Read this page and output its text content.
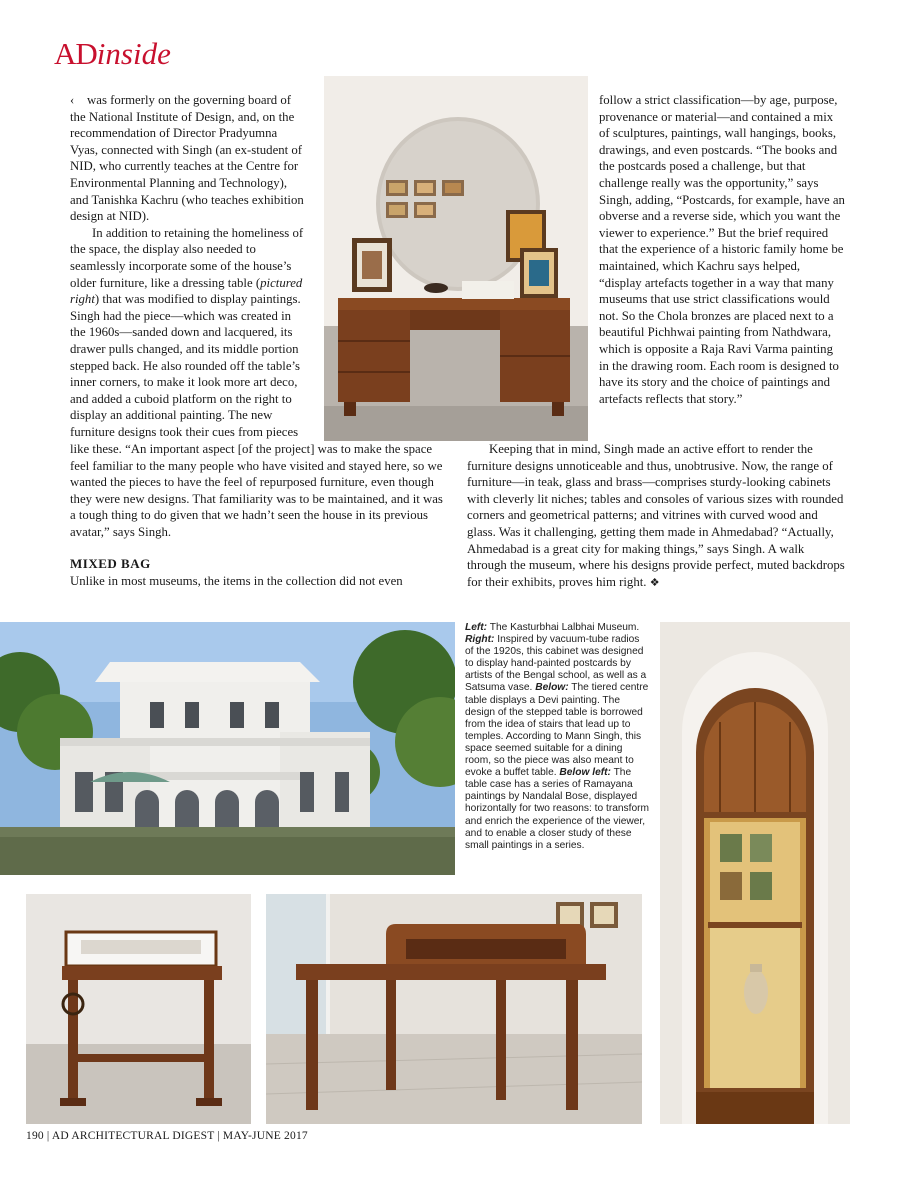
ADinside

‹ was formerly on the governing board of the National Institute of Design, and, on the recommendation of Director Pradyumna Vyas, connected with Singh (an ex-student of NID, who currently teaches at the Centre for Environmental Planning and Technology), and Tanishka Kachru (who teaches exhibition design at NID).

In addition to retaining the homeliness of the space, the display also needed to seamlessly incorporate some of the house’s older furniture, like a dressing table (pictured right) that was modified to display paintings. Singh had the piece—which was created in the 1960s—sanded down and lacquered, its drawer pulls changed, and its middle portion stepped back. He also rounded off the table’s inner corners, to make it look more art deco, and added a cuboid platform on the right to display an additional painting. The new furniture designs took their cues from pieces

follow a strict classification—by age, purpose, provenance or material—and contained a mix of sculptures, paintings, wall hangings, books, drawings, and even postcards. “The books and the postcards posed a challenge, but that challenge really was the opportunity,” says Singh, adding, “Postcards, for example, have an obverse and a reverse side, which you want the viewer to experience.” But the brief required that the experience of a historic family home be maintained, which Kachru says helped, “display artefacts together in a way that many museums that use strict classifications would not. So the Chola bronzes are placed next to a beautiful Pichhwai painting from Nathdwara, which is opposite a Raja Ravi Varma painting in the drawing room. Each room is designed to have its story and the choice of paintings and artefacts reflects that story.”
like these. “An important aspect [of the project] was to make the space feel familiar to the many people who have visited and stayed here, so we wanted the pieces to have the feel of repurposed furniture, even though they were new designs. That familiarity was to be maintained, and it was a tough thing to do given that we hadn’t seen the house in its previous avatar,” says Singh.
Keeping that in mind, Singh made an active effort to render the furniture designs unnoticeable and thus, unobtrusive. Now, the range of furniture—in teak, glass and brass—comprises sturdy-looking cabinets with cleverly lit niches; tables and consoles of various sizes with rounded corners and geometrical patterns; and vitrines with curved wood and glass. Was it challenging, getting them made in Ahmedabad? “Actually, Ahmedabad is a great city for making things,” says Singh. A walk through the museum, where his designs provide perfect, muted backdrops for their exhibits, proves him right. ❖
MIXED BAG
Unlike in most museums, the items in the collection did not even
Left: The Kasturbhai Lalbhai Museum. Right: Inspired by vacuum-tube radios of the 1920s, this cabinet was designed to display hand-painted postcards by artists of the Bengal school, as well as a Satsuma vase. Below: The tiered centre table displays a Devi painting. The design of the stepped table is borrowed from the idea of stairs that lead up to temples. According to Mann Singh, this space seemed suitable for a dining room, so the piece was also meant to evoke a buffet table. Below left: The table case has a series of Ramayana paintings by Nandalal Bose, displayed horizontally for two reasons: to transform and enrich the experience of the viewer, and to enable a closer study of these small paintings in a series.
190 | AD ARCHITECTURAL DIGEST | MAY-JUNE 2017
